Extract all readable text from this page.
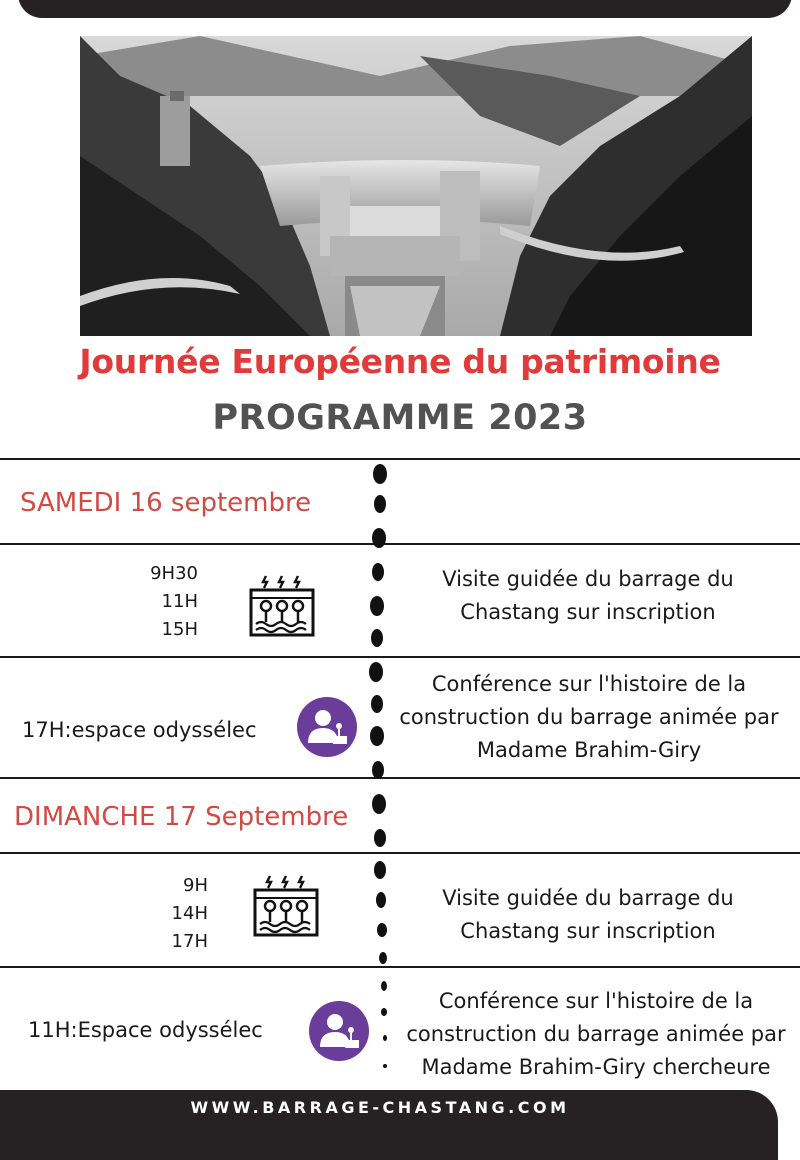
Journée Européenne du patrimoine
PROGRAMME 2023
SAMEDI 16 septembre
9H30
11H
15H
Visite guidée du barrage du
Chastang sur inscription
17H:espace odyssélec
Conférence sur l'histoire de la
construction du barrage animée par
Madame Brahim-Giry
DIMANCHE 17 Septembre
9H
14H
17H
Visite guidée du barrage du
Chastang sur inscription
11H:Espace odyssélec
Conférence sur l'histoire de la
construction du barrage animée par
Madame Brahim-Giry chercheure
WWW.BARRAGE-CHASTANG.COM
